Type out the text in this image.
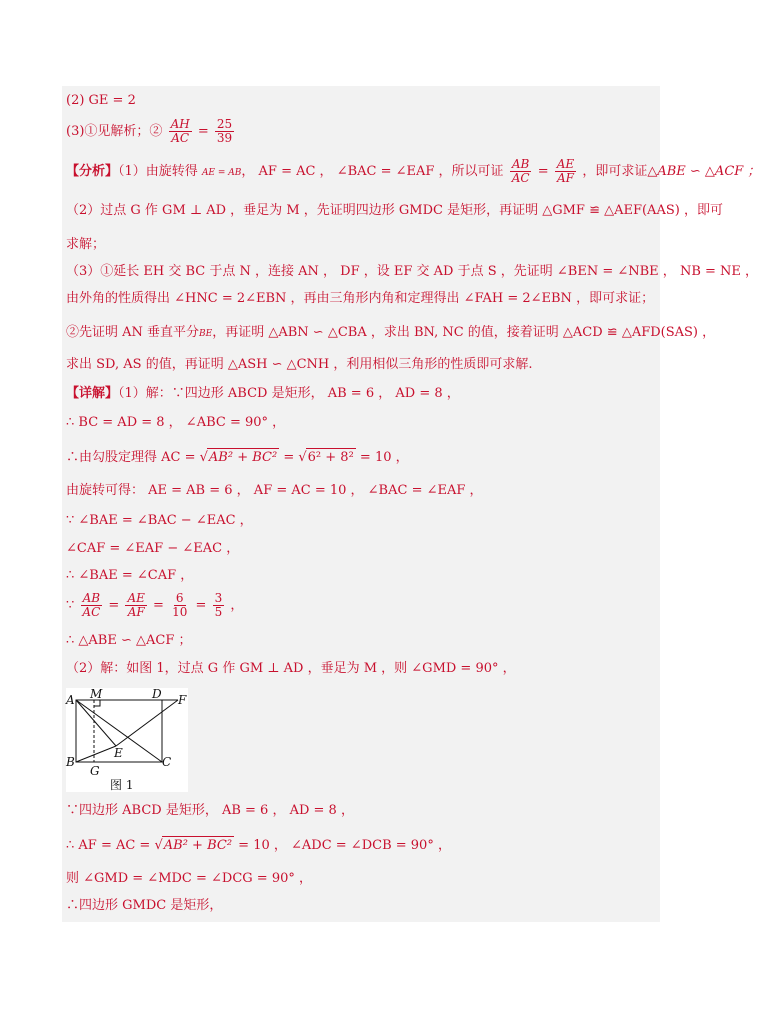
(2) GE = 2
(3)①见解析；② $\frac{AH}{AC} = \frac{25}{39}$
【分析】（1）由旋转得 AE = AB， AF = AC ， ∠BAC = ∠EAF ，所以可证 $\frac{AB}{AC} = \frac{AE}{AF}$ ，即可求证△ABE ∽ △ACF ；
（2）过点 G 作 GM ⊥ AD ，垂足为 M ，先证明四边形 GMDC 是矩形，再证明 △GMF ≌ △AEF(AAS) ，即可
求解；
（3）①延长 EH 交 BC 于点 N ，连接 AN ， DF ，设 EF 交 AD 于点 S ，先证明 ∠BEN = ∠NBE ， NB = NE ，
由外角的性质得出 ∠HNC = 2∠EBN ，再由三角形内角和定理得出 ∠FAH = 2∠EBN ，即可求证；
②先证明 AN 垂直平分BE，再证明 △ABN ∽ △CBA ，求出 BN, NC 的值，接着证明 △ACD ≌ △AFD(SAS) ，
求出 SD, AS 的值，再证明 △ASH ∽ △CNH ，利用相似三角形的性质即可求解.
【详解】（1）解：∵四边形 ABCD 是矩形， AB = 6 ， AD = 8 ，
∴ BC = AD = 8 ， ∠ABC = 90° ，
∴由勾股定理得 AC = √AB² + BC² = √6² + 8² = 10 ，
由旋转可得： AE = AB = 6 ， AF = AC = 10 ， ∠BAC = ∠EAF ，
∵ ∠BAE = ∠BAC − ∠EAC ，
∠CAF = ∠EAF − ∠EAC ，
∴ ∠BAE = ∠CAF ，
∵ $\frac{AB}{AC} = \frac{AE}{AF} = \frac{6}{10} = \frac{3}{5}$ ，
∴ △ABE ∽ △ACF ；
（2）解：如图 1，过点 G 作 GM ⊥ AD ，垂足为 M ，则 ∠GMD = 90° ，
A M	D F
B
G
E
C
图 1
∵四边形 ABCD 是矩形， AB = 6 ， AD = 8 ，
∴ AF = AC = √AB² + BC² = 10 ， ∠ADC = ∠DCB = 90° ，
则 ∠GMD = ∠MDC = ∠DCG = 90° ，
∴四边形 GMDC 是矩形，
